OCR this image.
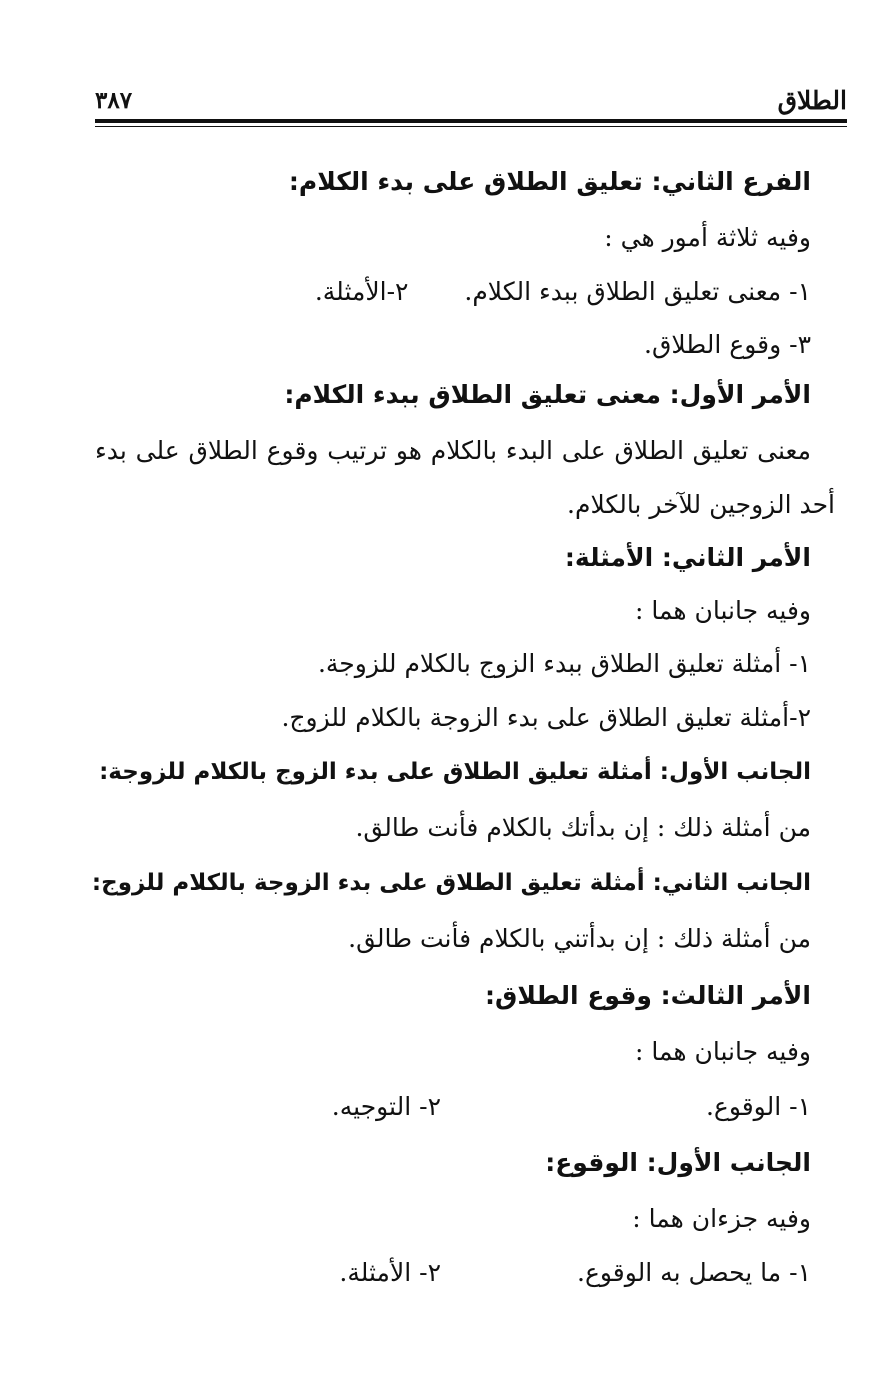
الطلاق
٣٨٧
الفرع الثاني: تعليق الطلاق على بدء الكلام:
وفيه ثلاثة أمور هي :
١- معنى تعليق الطلاق ببدء الكلام.  ٢-الأمثلة.
٣- وقوع الطلاق.
الأمر الأول: معنى تعليق الطلاق ببدء الكلام:
معنى تعليق الطلاق على البدء بالكلام هو ترتيب وقوع الطلاق على بدء
أحد الزوجين للآخر بالكلام.
الأمر الثاني: الأمثلة:
وفيه جانبان هما :
١- أمثلة تعليق الطلاق ببدء الزوج بالكلام للزوجة.
٢-أمثلة تعليق الطلاق على بدء الزوجة بالكلام للزوج.
الجانب الأول: أمثلة تعليق الطلاق على بدء الزوج بالكلام للزوجة:
من أمثلة ذلك : إن بدأتك بالكلام فأنت طالق.
الجانب الثاني: أمثلة تعليق الطلاق على بدء الزوجة بالكلام للزوج:
من أمثلة ذلك : إن بدأتني بالكلام فأنت طالق.
الأمر الثالث: وقوع الطلاق:
وفيه جانبان هما :
١- الوقوع.
٢- التوجيه.
الجانب الأول: الوقوع:
وفيه جزءان هما :
١- ما يحصل به الوقوع.
٢- الأمثلة.
